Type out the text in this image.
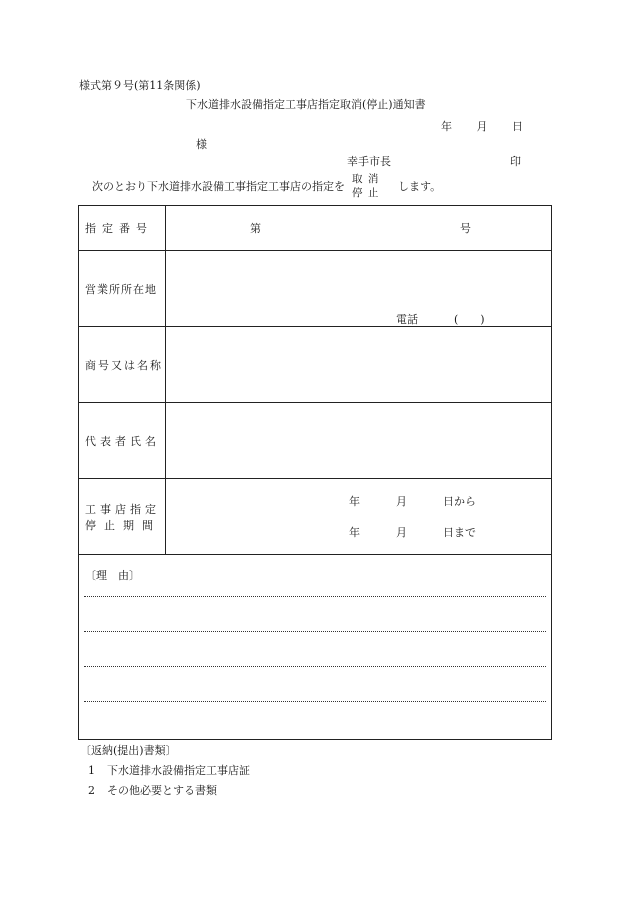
様式第９号(第11条関係)
下水道排水設備指定工事店指定取消(停止)通知書
年 月 日
様
幸手市長	印
次のとおり下水道排水設備工事指定工事店の指定を
取 消
停 止 します。
指定番号	第	号
営業所所在地
電話	(　　)
商号又は名称
代表者氏名
工事店指定
停止期間
年	月	日から
年	月	日まで
〔理　由〕
〔返納(提出)書類〕
1 下水道排水設備指定工事店証
2 その他必要とする書類
